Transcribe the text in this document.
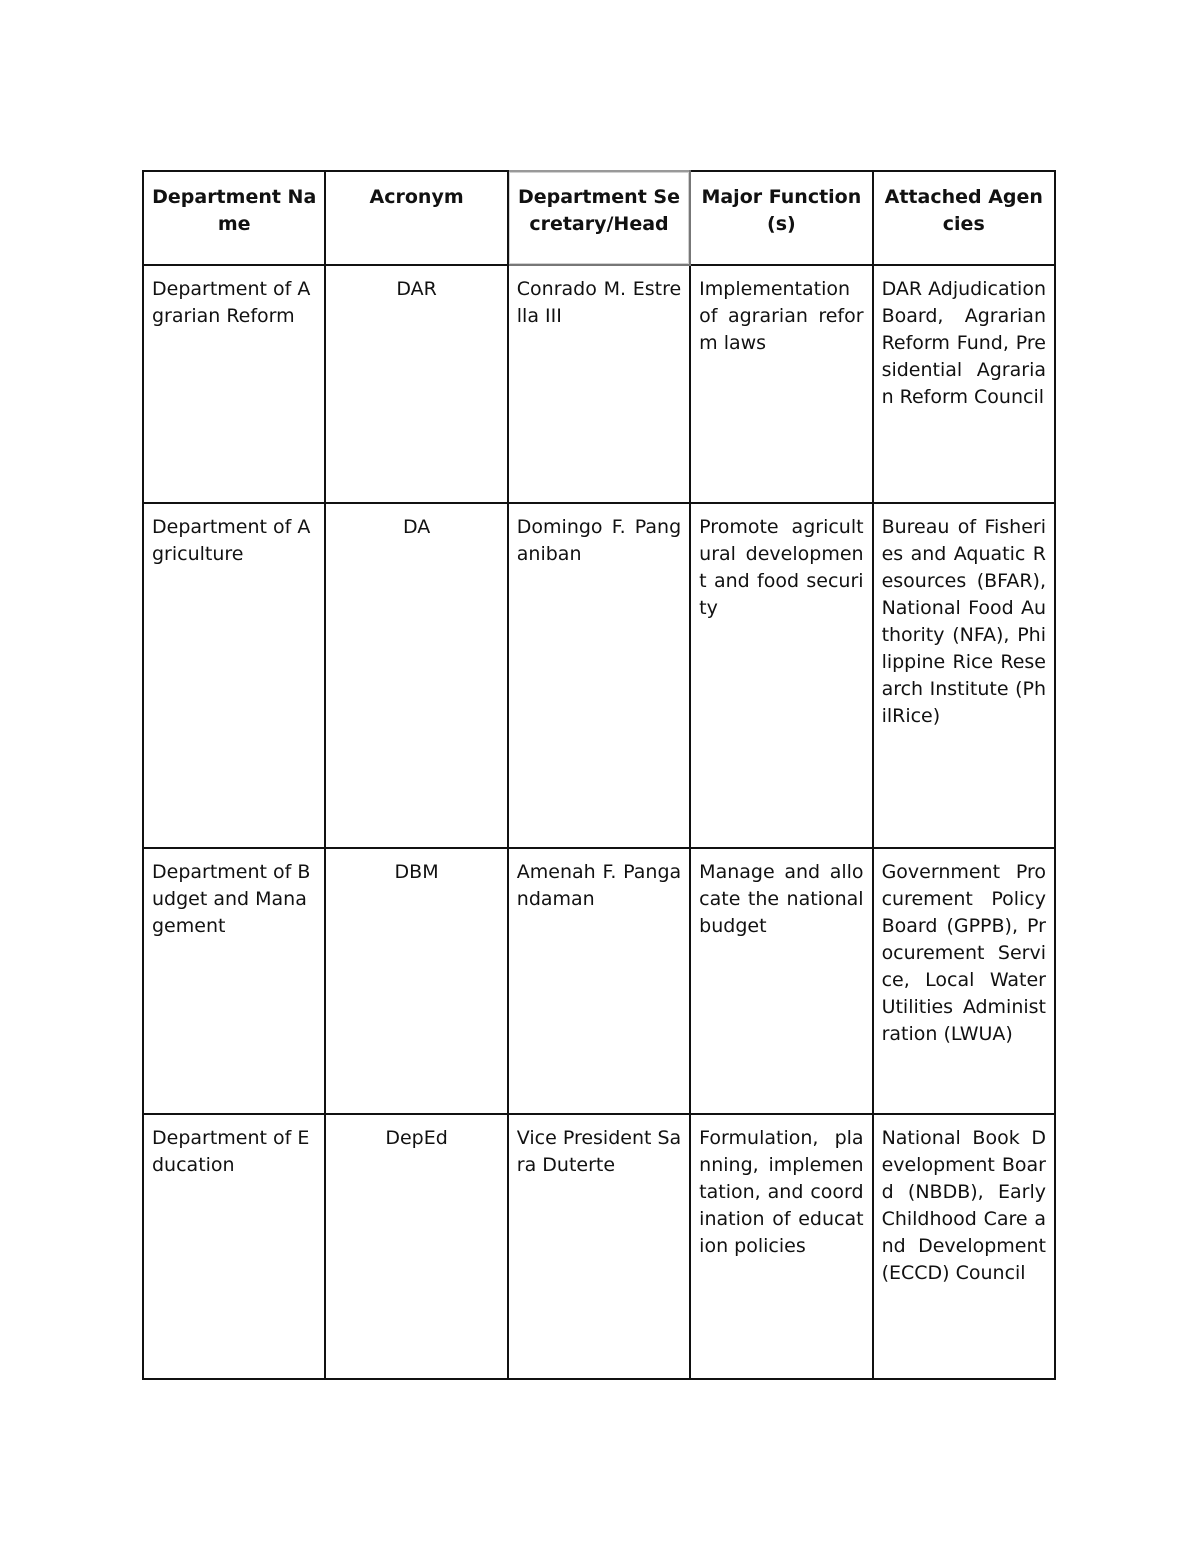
Department Name	Acronym	Department Secretary/Head	Major Function(s)	Attached Agencies
Department of Agrarian Reform	DAR	Conrado M. Estrella III	Implementation of agrarian reform laws	DAR Adjudication Board, Agrarian Reform Fund, Presidential Agrarian Reform Council
Department of Agriculture	DA	Domingo F. Panganiban	Promote agricultural development and food security	Bureau of Fisheries and Aquatic Resources (BFAR), National Food Authority (NFA), Philippine Rice Research Institute (PhilRice)
Department of Budget and Management	DBM	Amenah F. Pangandaman	Manage and allocate the national budget	Government Procurement Policy Board (GPPB), Procurement Service, Local Water Utilities Administration (LWUA)
Department of Education	DepEd	Vice President Sara Duterte	Formulation, planning, implementation, and coordination of education policies	National Book Development Board (NBDB), Early Childhood Care and Development (ECCD) Council
